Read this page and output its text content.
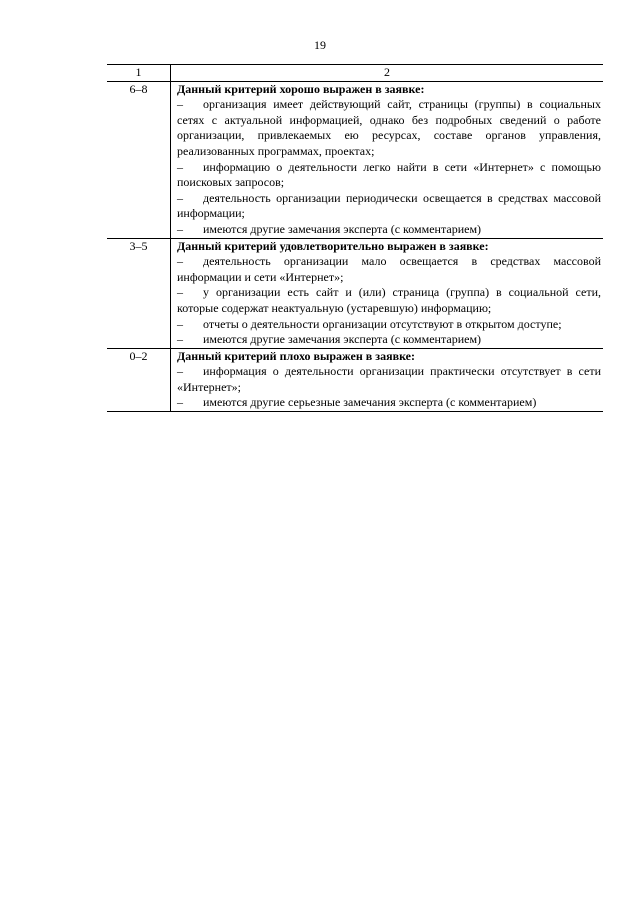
19
1	2
6–8	Данный критерий хорошо выражен в заявке:
– организация имеет действующий сайт, страницы (группы) в социальных сетях с актуальной информацией, однако без подробных сведений о работе организации, привлекаемых ею ресурсах, составе органов управления, реализованных программах, проектах;
– информацию о деятельности легко найти в сети «Интернет» с помощью поисковых запросов;
– деятельность организации периодически освещается в средствах массовой информации;
– имеются другие замечания эксперта (с комментарием)

3–5	Данный критерий удовлетворительно выражен в заявке:
– деятельность организации мало освещается в средствах массовой информации и сети «Интернет»;
– у организации есть сайт и (или) страница (группа) в социальной сети, которые содержат неактуальную (устаревшую) информацию;
– отчеты о деятельности организации отсутствуют в открытом доступе;
– имеются другие замечания эксперта (с комментарием)

0–2	Данный критерий плохо выражен в заявке:
– информация о деятельности организации практически отсутствует в сети «Интернет»;
– имеются другие серьезные замечания эксперта (с комментарием)
